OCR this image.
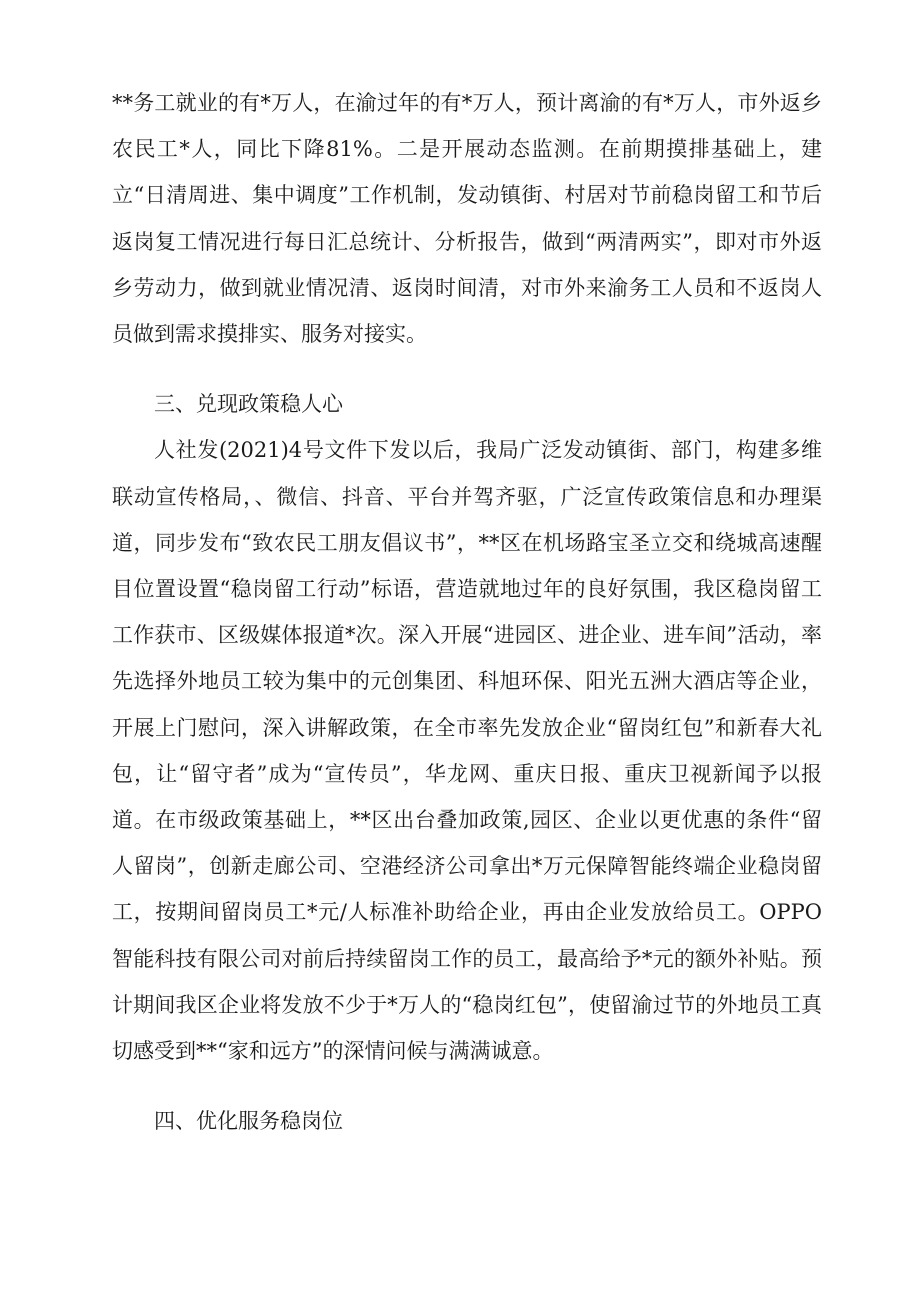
**务工就业的有*万人，在渝过年的有*万人，预计离渝的有*万人，市外返乡农民工*人，同比下降81%。二是开展动态监测。在前期摸排基础上，建立“日清周进、集中调度”工作机制，发动镇街、村居对节前稳岗留工和节后返岗复工情况进行每日汇总统计、分析报告，做到“两清两实”，即对市外返乡劳动力，做到就业情况清、返岗时间清，对市外来渝务工人员和不返岗人员做到需求摸排实、服务对接实。

三、兑现政策稳人心

人社发(2021)4号文件下发以后，我局广泛发动镇街、部门，构建多维联动宣传格局，、微信、抖音、平台并驾齐驱，广泛宣传政策信息和办理渠道，同步发布“致农民工朋友倡议书”，**区在机场路宝圣立交和绕城高速醒目位置设置“稳岗留工行动”标语，营造就地过年的良好氛围，我区稳岗留工工作获市、区级媒体报道*次。深入开展“进园区、进企业、进车间”活动，率先选择外地员工较为集中的元创集团、科旭环保、阳光五洲大酒店等企业，开展上门慰问，深入讲解政策，在全市率先发放企业“留岗红包”和新春大礼包，让“留守者”成为“宣传员”，华龙网、重庆日报、重庆卫视新闻予以报道。在市级政策基础上，**区出台叠加政策,园区、企业以更优惠的条件“留人留岗”，创新走廊公司、空港经济公司拿出*万元保障智能终端企业稳岗留工，按期间留岗员工*元/人标准补助给企业，再由企业发放给员工。OPPO智能科技有限公司对前后持续留岗工作的员工，最高给予*元的额外补贴。预计期间我区企业将发放不少于*万人的“稳岗红包”，使留渝过节的外地员工真切感受到**“家和远方”的深情问候与满满诚意。

四、优化服务稳岗位
